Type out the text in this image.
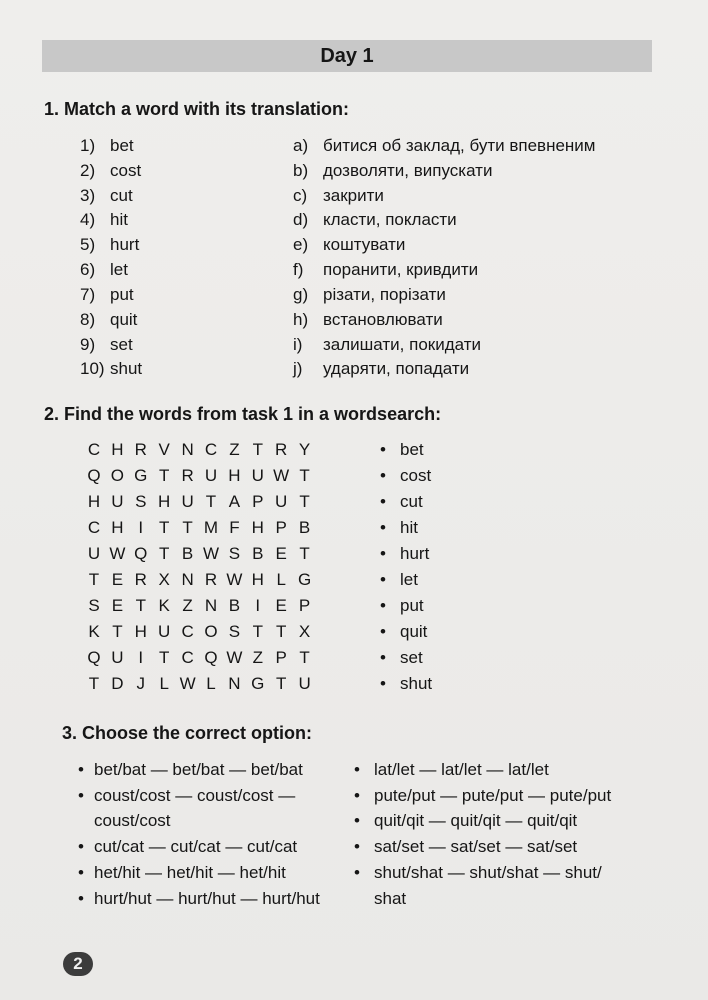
Day 1
1. Match a word with its translation:
1) bet
2) cost
3) cut
4) hit
5) hurt
6) let
7) put
8) quit
9) set
10) shut
a) битися об заклад, бути впевненим
b) дозволяти, випускати
c) закрити
d) класти, покласти
e) коштувати
f) поранити, кривдити
g) різати, порізати
h) встановлювати
i) залишати, покидати
j) ударяти, попадати
2. Find the words from task 1 in a wordsearch:
C H R V N C Z T R Y
Q O G T R U H U W T
H U S H U T A P U T
C H I T T M F H P B
U W Q T B W S B E T
T E R X N R W H L G
S E T K Z N B I E P
K T H U C O S T T X
Q U I T C Q W Z P T
T D J L W L N G T U
• bet
• cost
• cut
• hit
• hurt
• let
• put
• quit
• set
• shut
3. Choose the correct option:
• bet/bat — bet/bat — bet/bat
• coust/cost — coust/cost —
coust/cost
• cut/cat — cut/cat — cut/cat
• het/hit — het/hit — het/hit
• hurt/hut — hurt/hut — hurt/hut
• lat/let — lat/let — lat/let
• pute/put — pute/put — pute/put
• quit/qit — quit/qit — quit/qit
• sat/set — sat/set — sat/set
• shut/shat — shut/shat — shut/
shat
2
